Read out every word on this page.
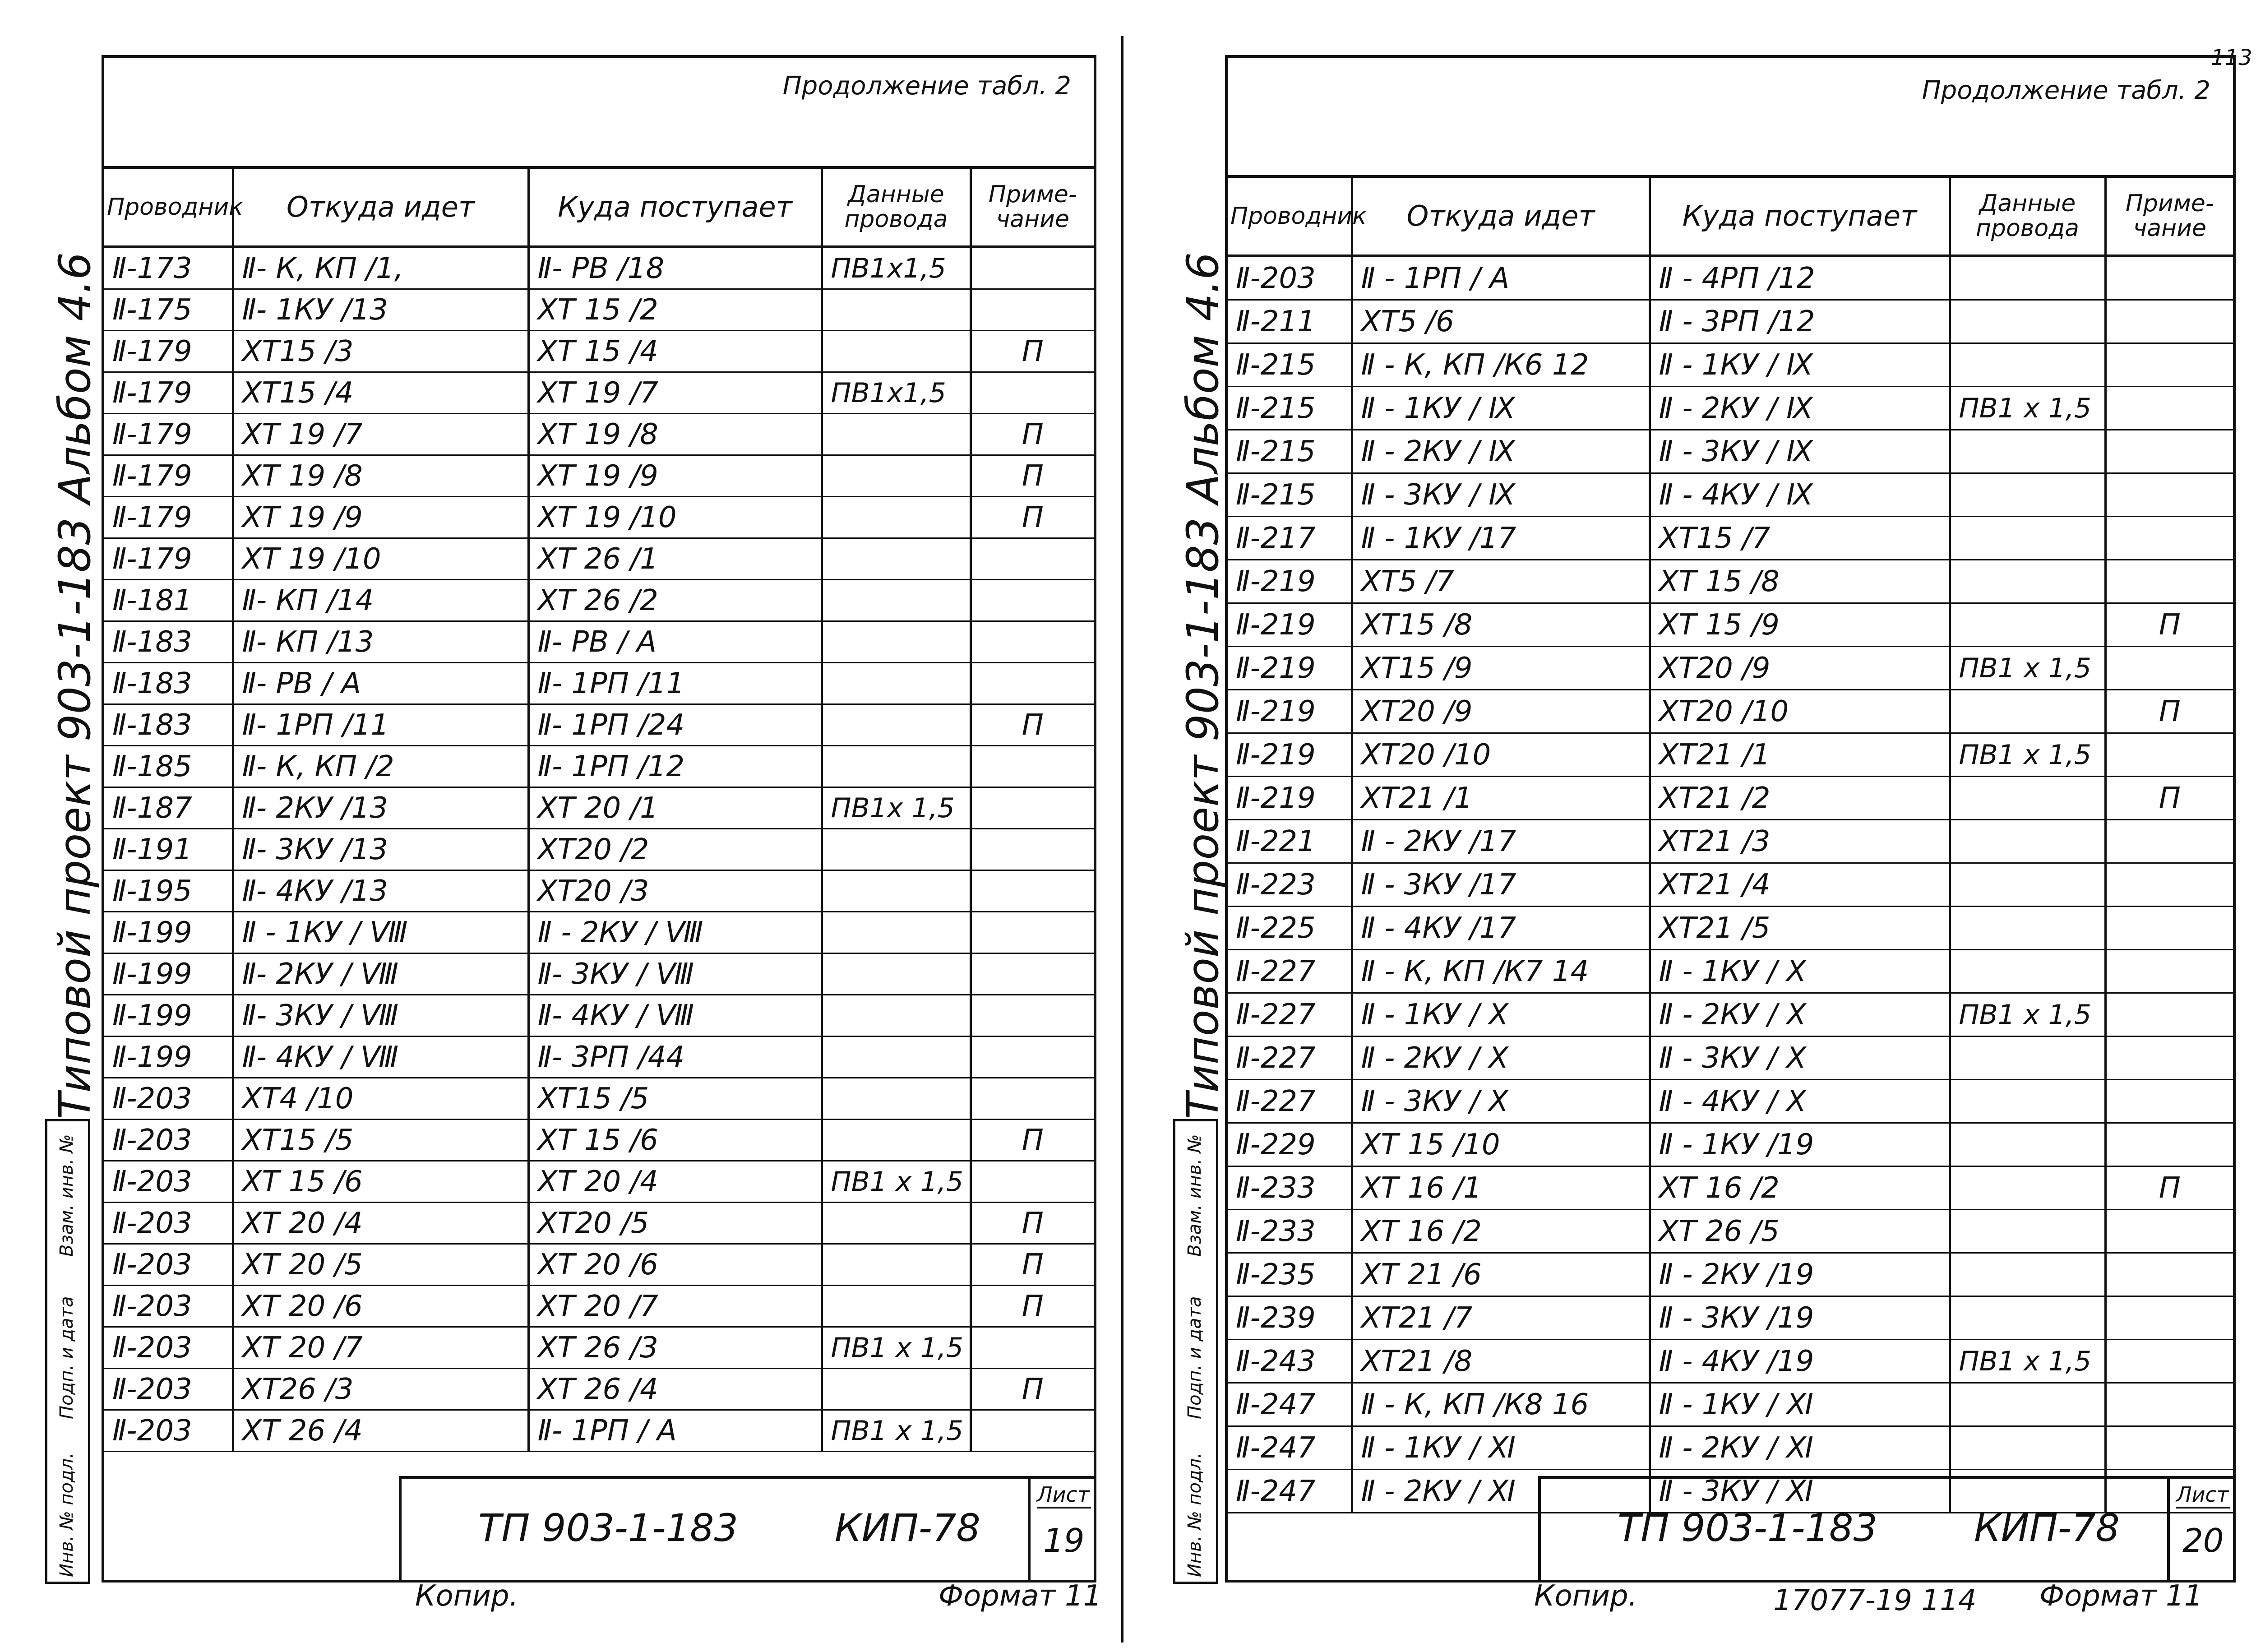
Типовой проект 903-1-183 Альбом 4.6
Взам. инв. №
Подп. и дата
Инв. № подл.
Продолжение табл. 2
Проводник	Откуда идет	Куда поступает	Данные провода	Приме- чание
Ⅱ-173	Ⅱ- К, КП /1,	Ⅱ- РВ /18	ПВ1х1,5	
Ⅱ-175	Ⅱ- 1КУ /13	ХТ 15 /2		
Ⅱ-179	ХТ15 /3	ХТ 15 /4		П
Ⅱ-179	ХТ15 /4	ХТ 19 /7	ПВ1х1,5	
Ⅱ-179	ХТ 19 /7	ХТ 19 /8		П
Ⅱ-179	ХТ 19 /8	ХТ 19 /9		П
Ⅱ-179	ХТ 19 /9	ХТ 19 /10		П
Ⅱ-179	ХТ 19 /10	ХТ 26 /1		
Ⅱ-181	Ⅱ- КП /14	ХТ 26 /2		
Ⅱ-183	Ⅱ- КП /13	Ⅱ- РВ / А		
Ⅱ-183	Ⅱ- РВ / А	Ⅱ- 1РП /11		
Ⅱ-183	Ⅱ- 1РП /11	Ⅱ- 1РП /24		П
Ⅱ-185	Ⅱ- К, КП /2	Ⅱ- 1РП /12		
Ⅱ-187	Ⅱ- 2КУ /13	ХТ 20 /1	ПВ1х 1,5	
Ⅱ-191	Ⅱ- 3КУ /13	ХТ20 /2		
Ⅱ-195	Ⅱ- 4КУ /13	ХТ20 /3		
Ⅱ-199	Ⅱ - 1КУ / Ⅷ	Ⅱ - 2КУ / Ⅷ		
Ⅱ-199	Ⅱ- 2КУ / Ⅷ	Ⅱ- 3КУ / Ⅷ		
Ⅱ-199	Ⅱ- 3КУ / Ⅷ	Ⅱ- 4КУ / Ⅷ		
Ⅱ-199	Ⅱ- 4КУ / Ⅷ	Ⅱ- 3РП /44		
Ⅱ-203	ХТ4 /10	ХТ15 /5		
Ⅱ-203	ХТ15 /5	ХТ 15 /6		П
Ⅱ-203	ХТ 15 /6	ХТ 20 /4	ПВ1 х 1,5	
Ⅱ-203	ХТ 20 /4	ХТ20 /5		П
Ⅱ-203	ХТ 20 /5	ХТ 20 /6		П
Ⅱ-203	ХТ 20 /6	ХТ 20 /7		П
Ⅱ-203	ХТ 20 /7	ХТ 26 /3	ПВ1 х 1,5	
Ⅱ-203	ХТ26 /3	ХТ 26 /4		П
Ⅱ-203	ХТ 26 /4	Ⅱ- 1РП / А	ПВ1 х 1,5	
ТП 903-1-183	КИП-78
Лист
19
Копир.	Формат 11
113
Типовой проект 903-1-183 Альбом 4.6
Взам. инв. №
Подп. и дата
Инв. № подл.
Продолжение табл. 2
Проводник	Откуда идет	Куда поступает	Данные провода	Приме- чание
Ⅱ-203	Ⅱ - 1РП / А	Ⅱ - 4РП /12		
Ⅱ-211	ХТ5 /6	Ⅱ - 3РП /12		
Ⅱ-215	Ⅱ - К, КП /К6 12	Ⅱ - 1КУ / Ⅸ		
Ⅱ-215	Ⅱ - 1КУ / Ⅸ	Ⅱ - 2КУ / Ⅸ	ПВ1 х 1,5	
Ⅱ-215	Ⅱ - 2КУ / Ⅸ	Ⅱ - 3КУ / Ⅸ		
Ⅱ-215	Ⅱ - 3КУ / Ⅸ	Ⅱ - 4КУ / Ⅸ		
Ⅱ-217	Ⅱ - 1КУ /17	ХТ15 /7		
Ⅱ-219	ХТ5 /7	ХТ 15 /8		
Ⅱ-219	ХТ15 /8	ХТ 15 /9		П
Ⅱ-219	ХТ15 /9	ХТ20 /9	ПВ1 х 1,5	
Ⅱ-219	ХТ20 /9	ХТ20 /10		П
Ⅱ-219	ХТ20 /10	ХТ21 /1	ПВ1 х 1,5	
Ⅱ-219	ХТ21 /1	ХТ21 /2		П
Ⅱ-221	Ⅱ - 2КУ /17	ХТ21 /3		
Ⅱ-223	Ⅱ - 3КУ /17	ХТ21 /4		
Ⅱ-225	Ⅱ - 4КУ /17	ХТ21 /5		
Ⅱ-227	Ⅱ - К, КП /К7 14	Ⅱ - 1КУ / Ⅹ		
Ⅱ-227	Ⅱ - 1КУ / Ⅹ	Ⅱ - 2КУ / Ⅹ	ПВ1 х 1,5	
Ⅱ-227	Ⅱ - 2КУ / Ⅹ	Ⅱ - 3КУ / Ⅹ		
Ⅱ-227	Ⅱ - 3КУ / Ⅹ	Ⅱ - 4КУ / Ⅹ		
Ⅱ-229	ХТ 15 /10	Ⅱ - 1КУ /19		
Ⅱ-233	ХТ 16 /1	ХТ 16 /2		П
Ⅱ-233	ХТ 16 /2	ХТ 26 /5		
Ⅱ-235	ХТ 21 /6	Ⅱ - 2КУ /19		
Ⅱ-239	ХТ21 /7	Ⅱ - 3КУ /19		
Ⅱ-243	ХТ21 /8	Ⅱ - 4КУ /19	ПВ1 х 1,5	
Ⅱ-247	Ⅱ - К, КП /К8 16	Ⅱ - 1КУ / Ⅺ		
Ⅱ-247	Ⅱ - 1КУ / Ⅺ	Ⅱ - 2КУ / Ⅺ		
Ⅱ-247	Ⅱ - 2КУ / Ⅺ	Ⅱ - 3КУ / Ⅺ		
ТП 903-1-183	КИП-78
Лист
20
Копир.	17077-19 114 Формат 11
